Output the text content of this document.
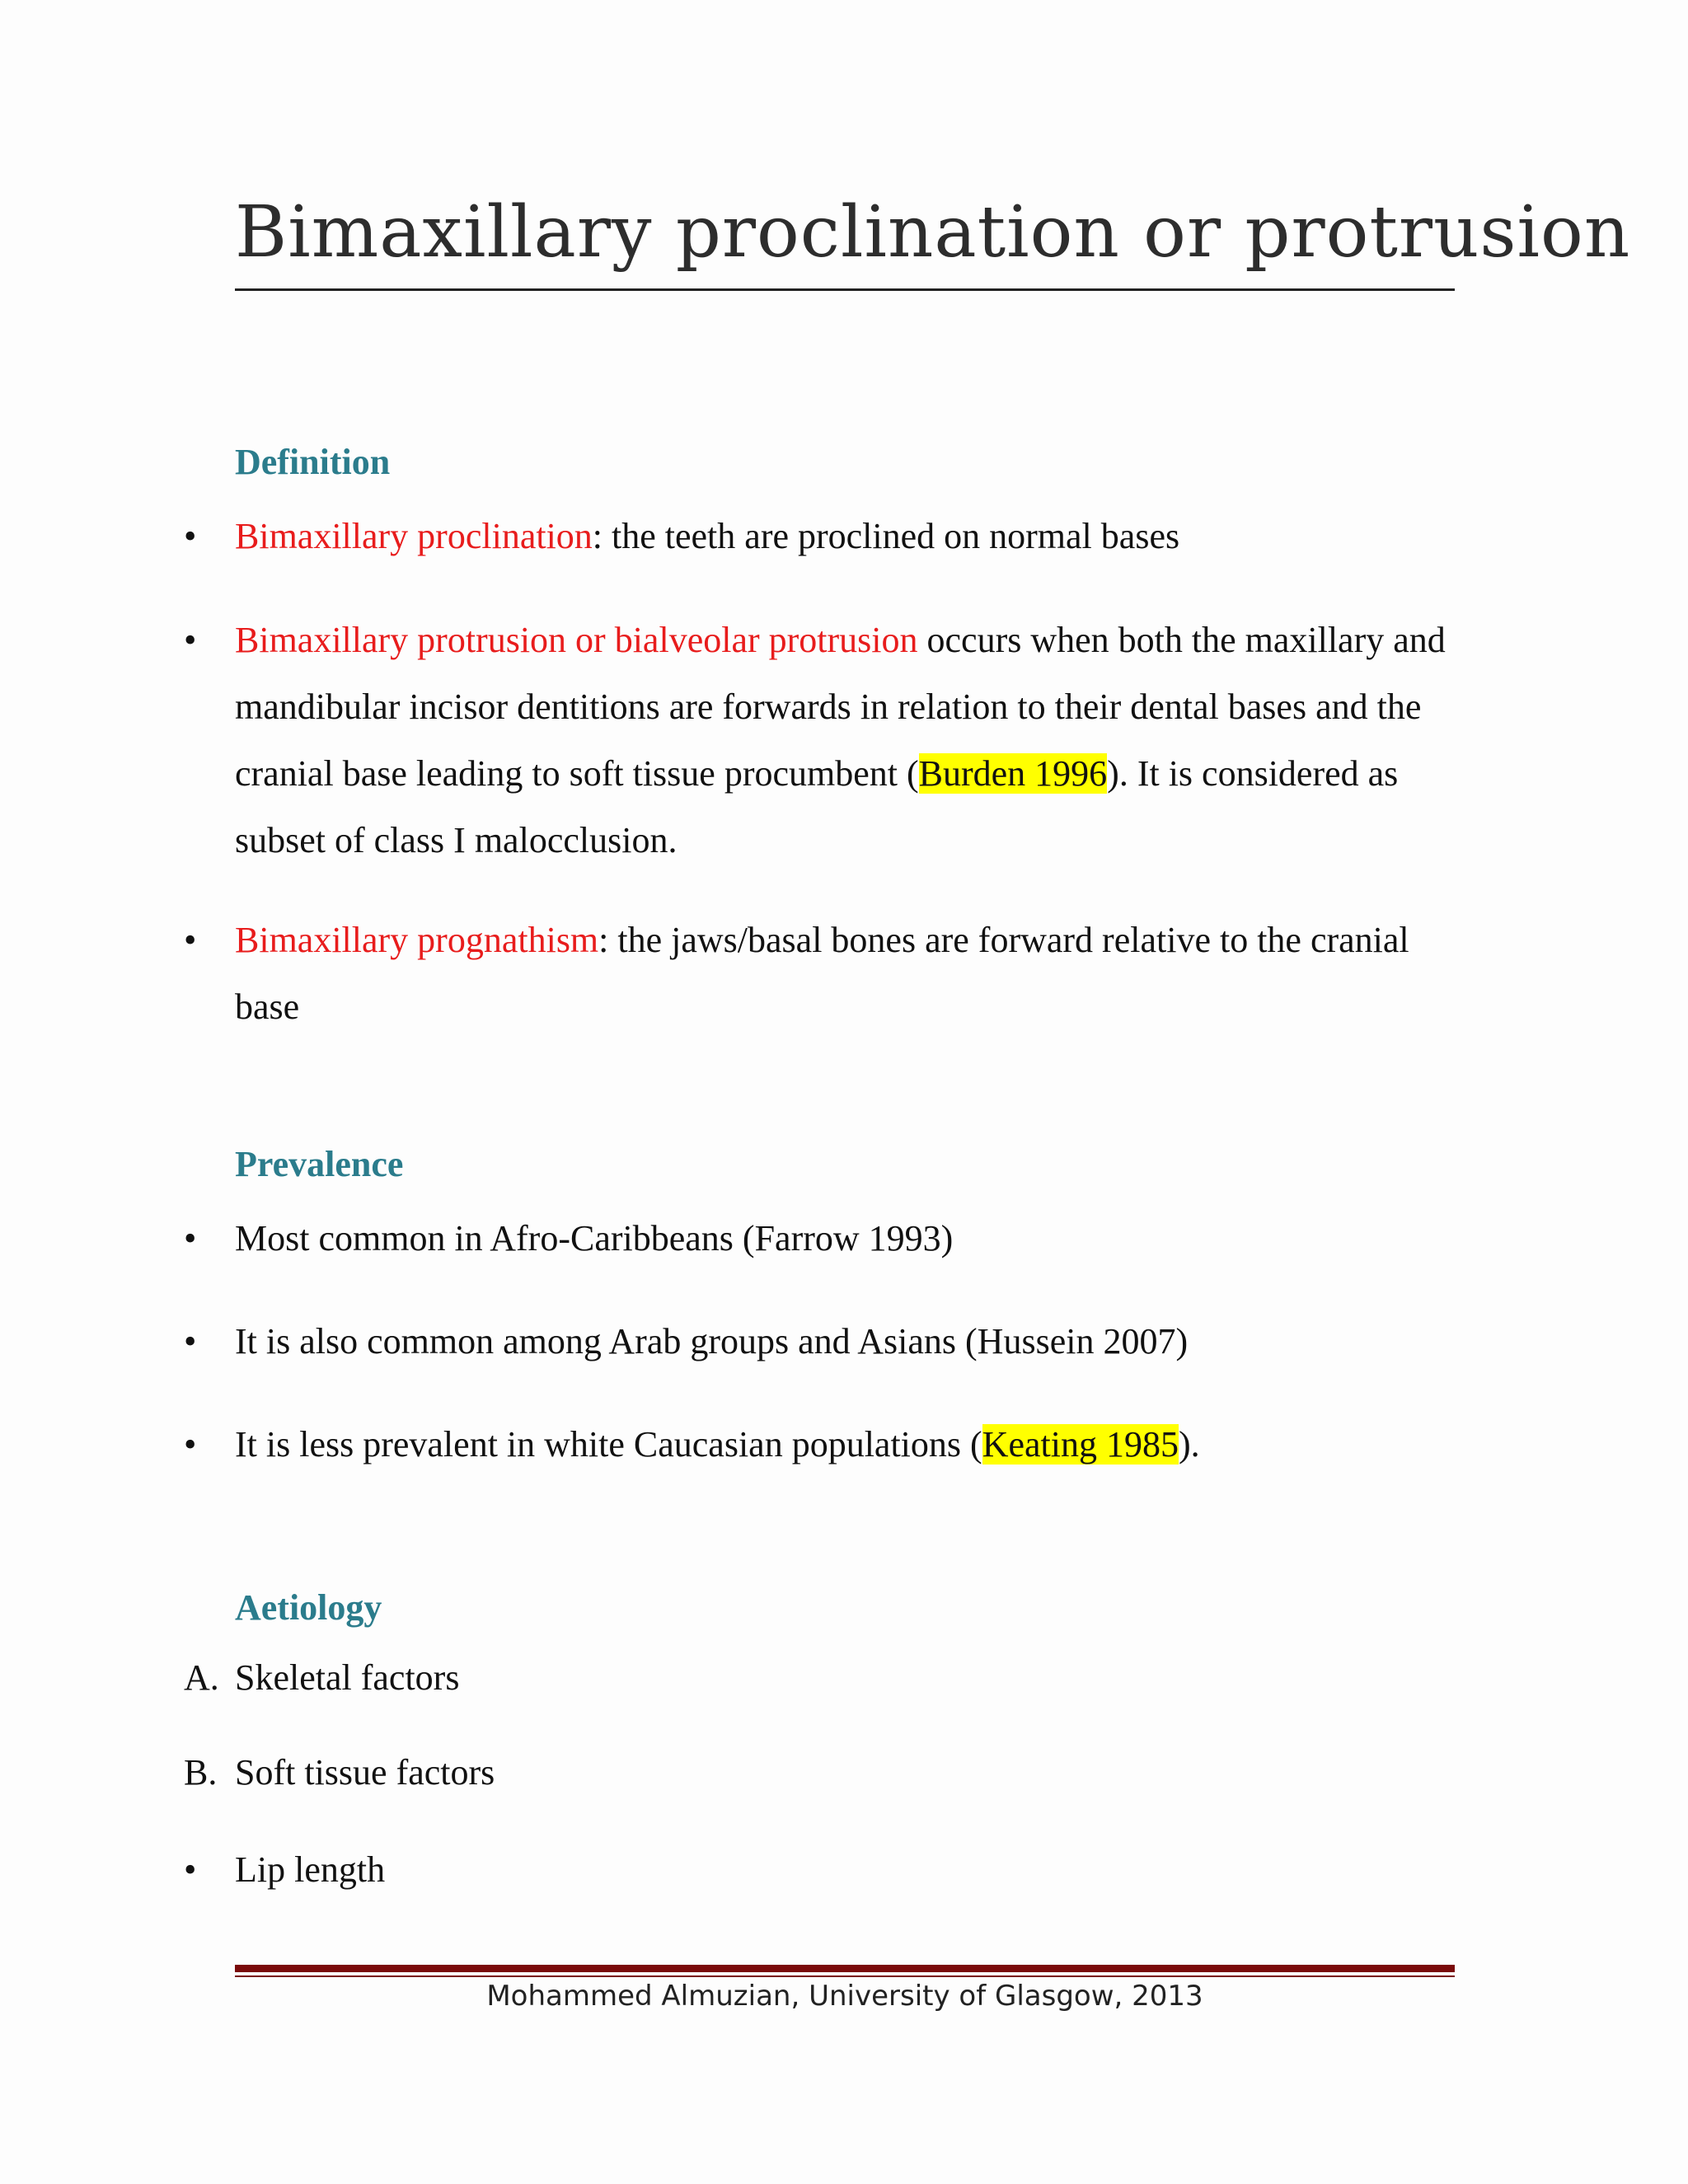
Bimaxillary proclination or protrusion
Definition
• Bimaxillary proclination: the teeth are proclined on normal bases
• Bimaxillary protrusion or bialveolar protrusion occurs when both the maxillary and mandibular incisor dentitions are forwards in relation to their dental bases and the cranial base leading to soft tissue procumbent (Burden 1996). It is considered as subset of class I malocclusion.
• Bimaxillary prognathism: the jaws/basal bones are forward relative to the cranial base
Prevalence
• Most common in Afro-Caribbeans (Farrow 1993)
• It is also common among Arab groups and Asians (Hussein 2007)
• It is less prevalent in white Caucasian populations (Keating 1985).
Aetiology
A. Skeletal factors
B. Soft tissue factors
• Lip length
Mohammed Almuzian, University of Glasgow, 2013
